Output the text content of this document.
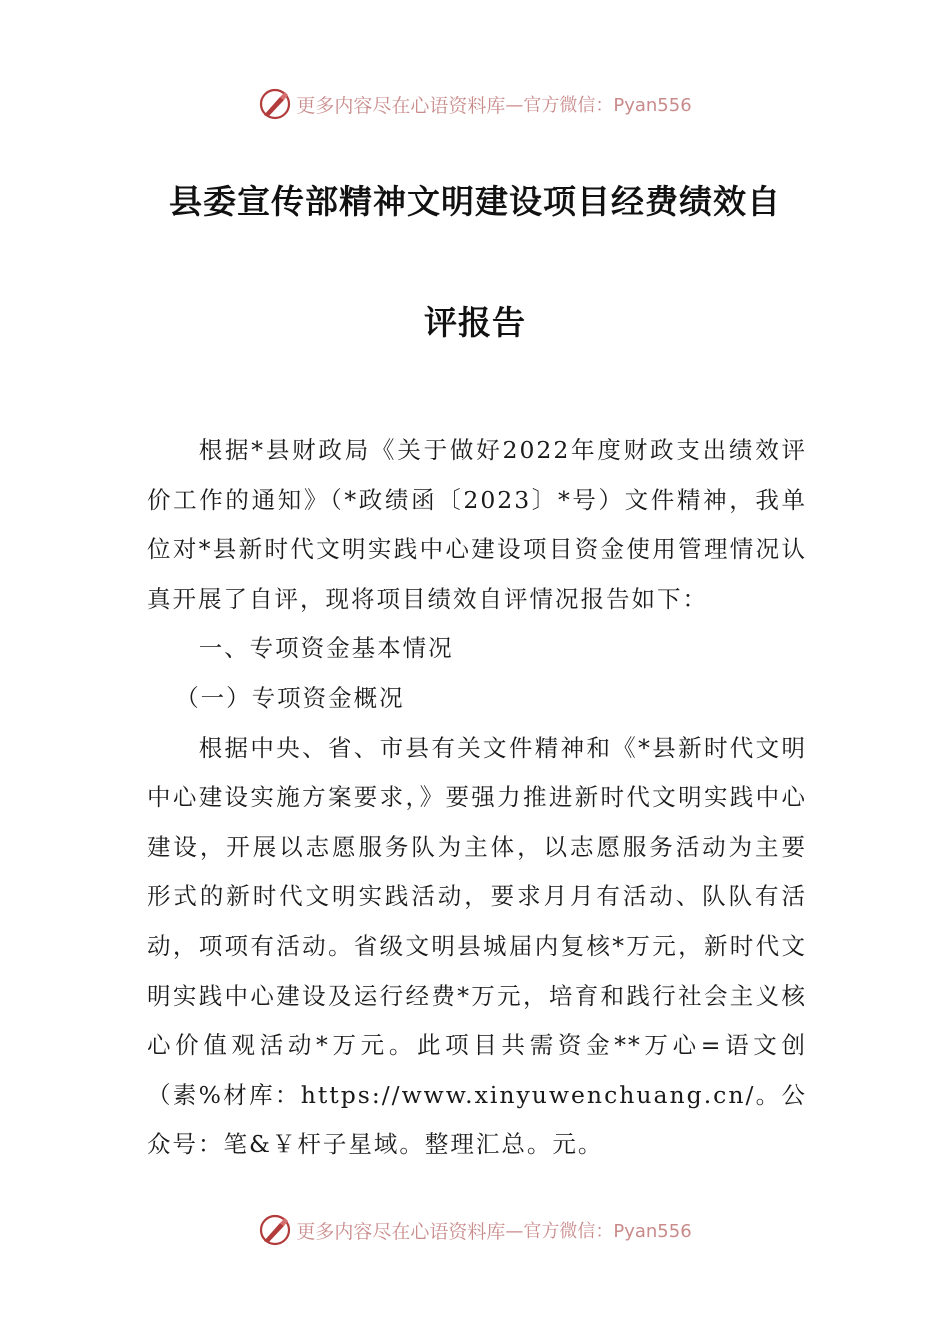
更多内容尽在心语资料库 —官方微信：Pyan556
县委宣传部精神文明建设项目经费绩效自
评报告

根据*县财政局《关于做好2022年度财政支出绩效评价工作的通知》（*政绩函〔2023〕*号）文件精神，我单位对*县新时代文明实践中心建设项目资金使用管理情况认真开展了自评，现将项目绩效自评情况报告如下：

一、专项资金基本情况

（一）专项资金概况

根据中央、省、市县有关文件精神和《*县新时代文明中心建设实施方案要求，》要强力推进新时代文明实践中心建设，开展以志愿服务队为主体，以志愿服务活动为主要形式的新时代文明实践活动，要求月月有活动、队队有活动，项项有活动。省级文明县城届内复核*万元，新时代文明实践中心建设及运行经费*万元，培育和践行社会主义核心价值观活动*万元。此项目共需资金**万心=语文创（素%材库：https://www.xinyuwenchuang.cn/。公众号：笔&￥杆子星域。整理汇总。元。

更多内容尽在心语资料库 —官方微信：Pyan556
